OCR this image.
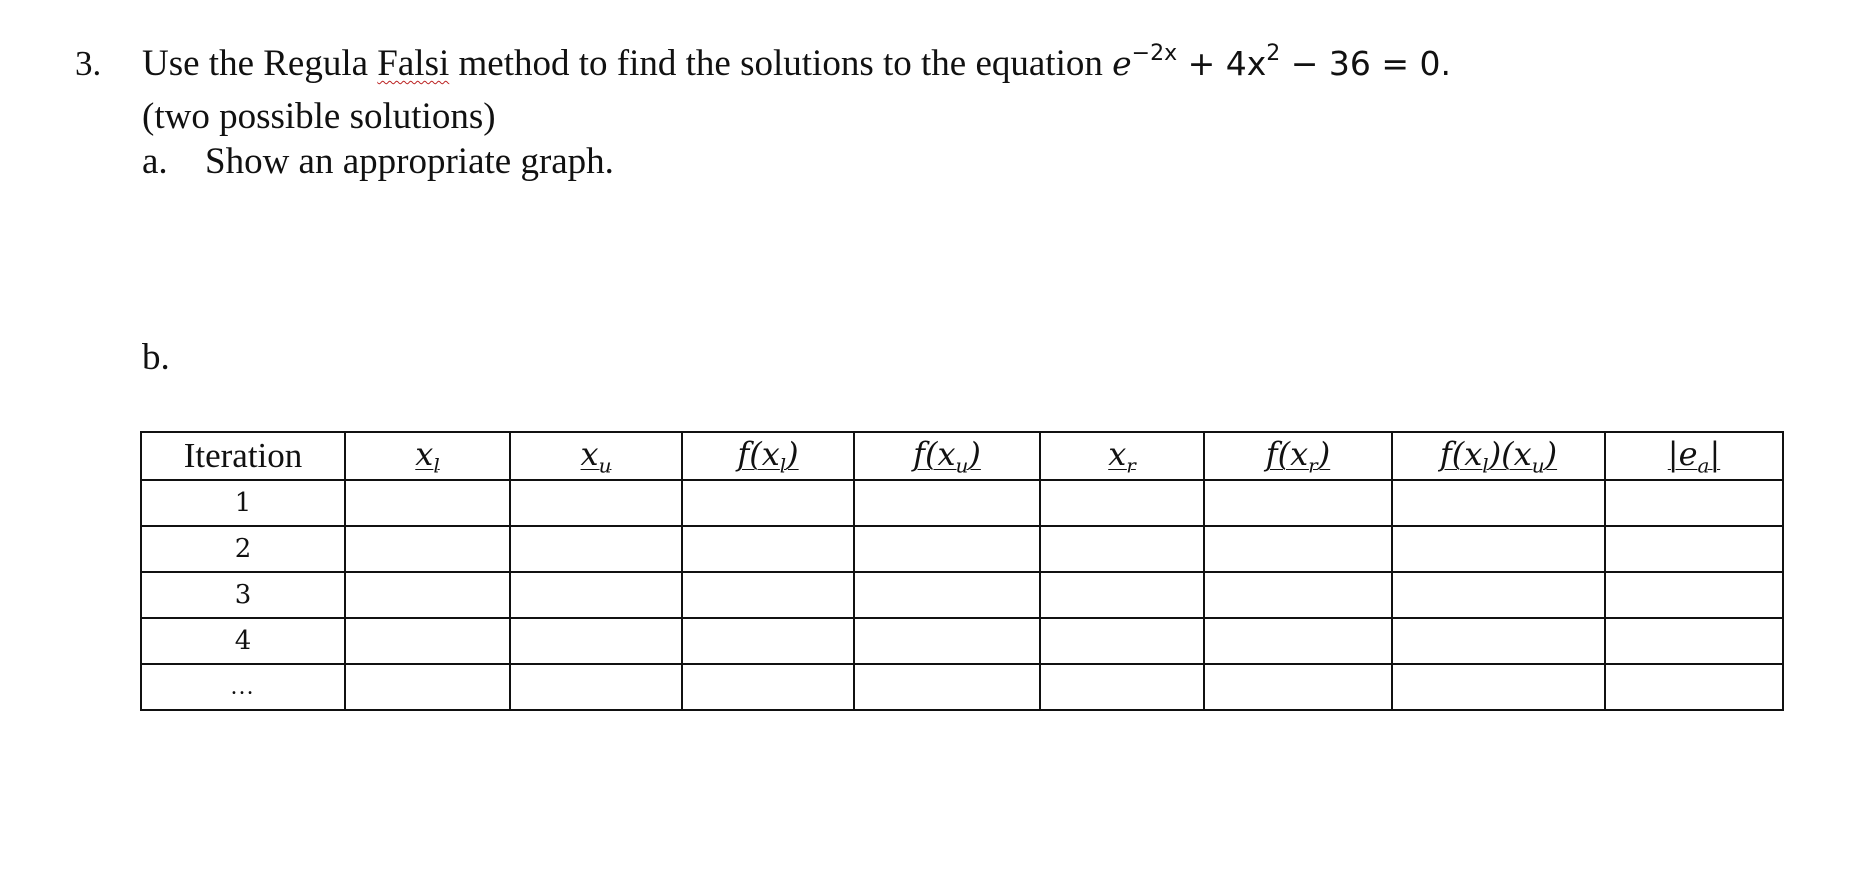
3. Use the Regula Falsi method to find the solutions to the equation $e^{-2x} + 4x^2 - 36 = 0$.
(two possible solutions)
a. Show an appropriate graph.
b.
Iteration	$x_l$	$x_u$	$f(x_l)$	$f(x_u)$	$x_r$	$f(x_r)$	$f(x_l)(x_u)$	$|e_a|$
1								
2								
3								
4								
…								
